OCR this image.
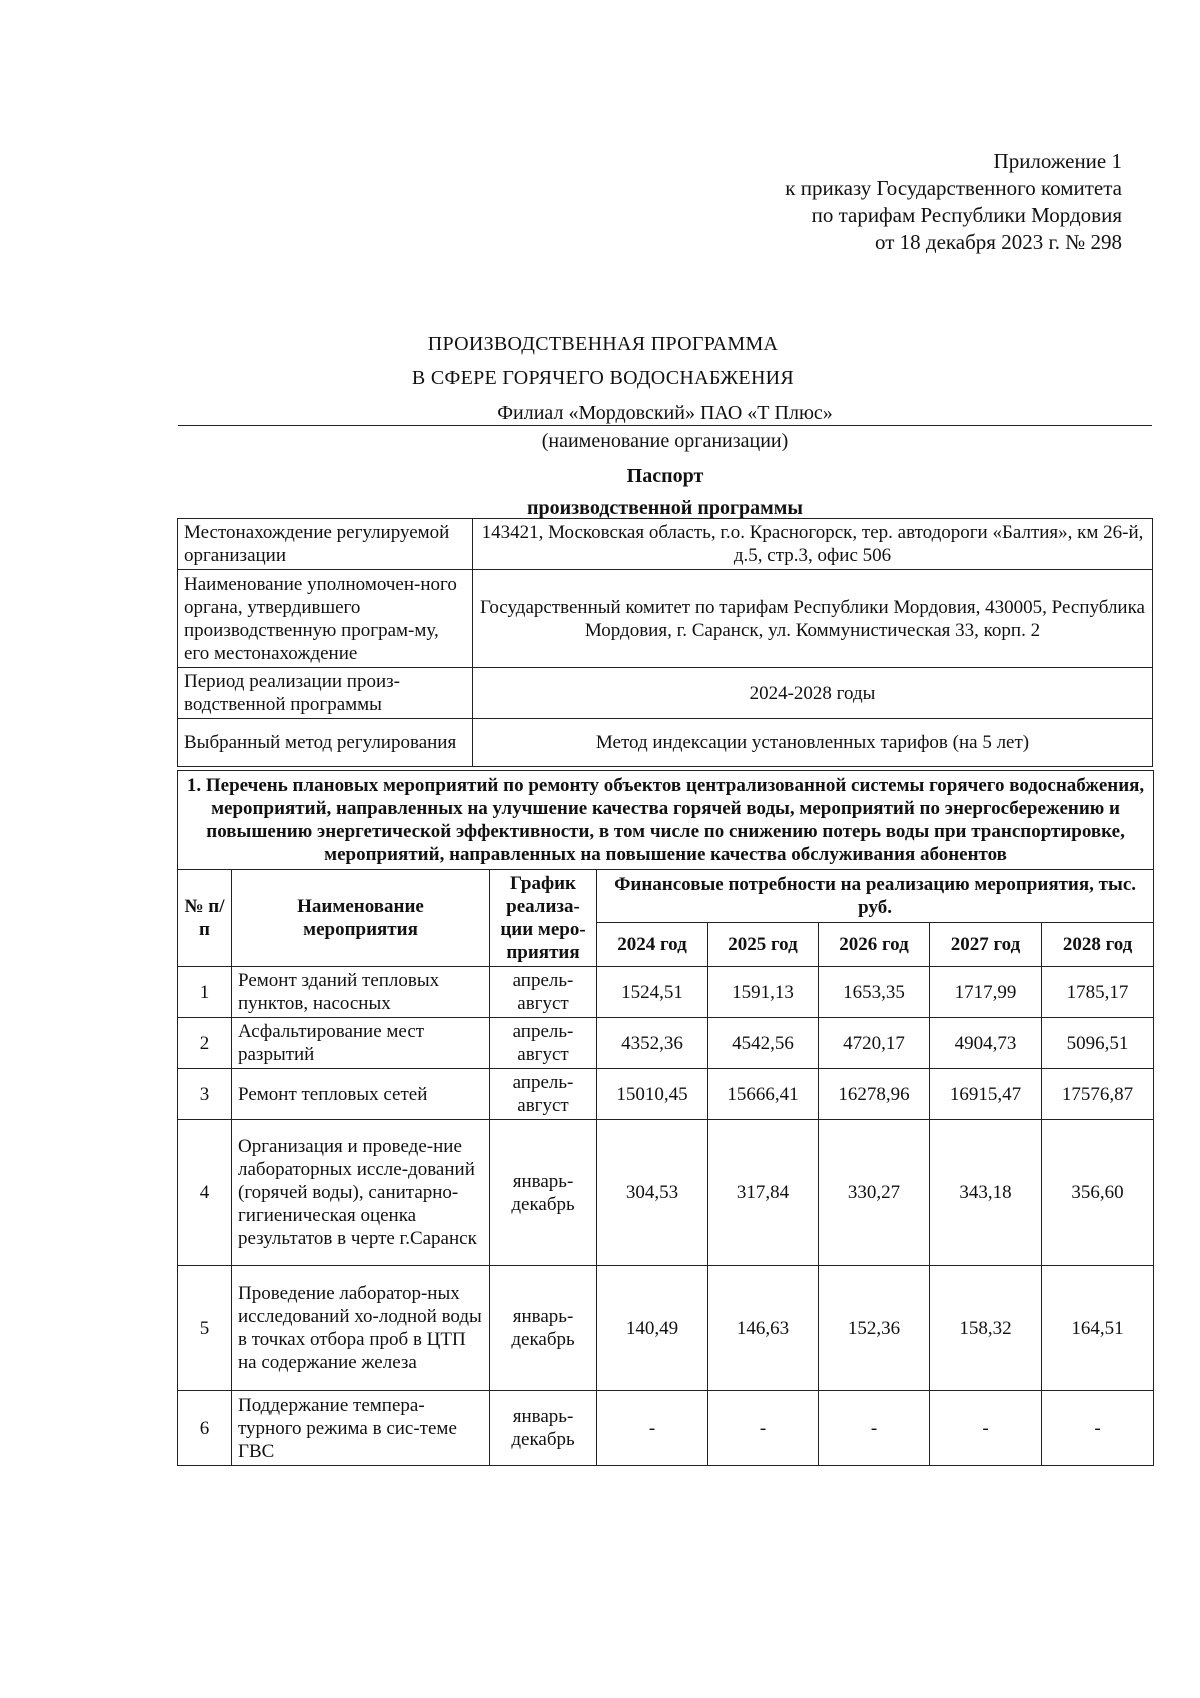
Приложение 1
к приказу Государственного комитета
по тарифам Республики Мордовия
от 18 декабря 2023 г. № 298
ПРОИЗВОДСТВЕННАЯ ПРОГРАММА
В СФЕРЕ ГОРЯЧЕГО ВОДОСНАБЖЕНИЯ
Филиал «Мордовский» ПАО «Т Плюс»
(наименование организации)
Паспорт
производственной программы
Местонахождение регулируемой организации	143421, Московская область, г.о. Красногорск, тер. автодороги «Балтия», км 26-й, д.5, стр.3, офис 506
Наименование уполномочен-ного органа, утвердившего производственную програм-му, его местонахождение	Государственный комитет по тарифам Республики Мордовия, 430005, Республика Мордовия, г. Саранск, ул. Коммунистическая 33, корп. 2
Период реализации произ-водственной программы	2024-2028 годы
Выбранный метод регулирования	Метод индексации установленных тарифов (на 5 лет)
1. Перечень плановых мероприятий по ремонту объектов централизованной системы горячего водоснабжения, мероприятий, направленных на улучшение качества горячей воды, мероприятий по энергосбережению и повышению энергетической эффективности, в том числе по снижению потерь воды при транспортировке, мероприятий, направленных на повышение качества обслуживания абонентов							
№ п/п	Наименование мероприятия	График реализа-ции меро-приятия	Финансовые потребности на реализацию мероприятия, тыс. руб.				
			2024 год	2025 год	2026 год	2027 год	2028 год
1	Ремонт зданий тепловых пунктов, насосных	апрель-август	1524,51	1591,13	1653,35	1717,99	1785,17
2	Асфальтирование мест разрытий	апрель-август	4352,36	4542,56	4720,17	4904,73	5096,51
3	Ремонт тепловых сетей	апрель-август	15010,45	15666,41	16278,96	16915,47	17576,87
4	Организация и проведе-ние лабораторных иссле-дований (горячей воды), санитарно-гигиеническая оценка результатов в черте г.Саранск	январь-декабрь	304,53	317,84	330,27	343,18	356,60
5	Проведение лаборатор-ных исследований хо-лодной воды в точках отбора проб в ЦТП на содержание железа	январь-декабрь	140,49	146,63	152,36	158,32	164,51
6	Поддержание темпера-турного режима в сис-теме ГВС	январь-декабрь	-	-	-	-	-
